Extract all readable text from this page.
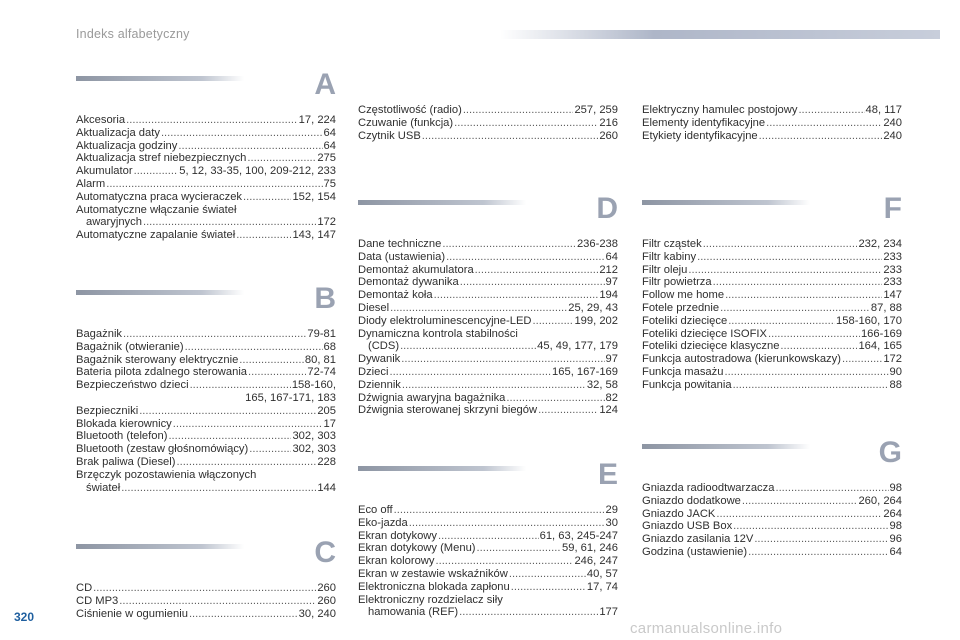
Indeks alfabetyczny
A
Akcesoria .....	17, 224
Aktualizacja daty .....	64
Aktualizacja godziny .....	64
Aktualizacja stref niebezpiecznych .....	275
Akumulator .....	5, 12, 33-35, 100, 209-212, 233
Alarm .....	75
Automatyczna praca wycieraczek .....	152, 154
Automatyczne włączanie świateł
awaryjnych .....	172
Automatyczne zapalanie świateł .....	143, 147
B
Bagażnik .....	79-81
Bagażnik (otwieranie) .....	68
Bagażnik sterowany elektrycznie .....	80, 81
Bateria pilota zdalnego sterowania .....	72-74
Bezpieczeństwo dzieci .....	158-160,
165, 167-171, 183
Bezpieczniki .....	205
Blokada kierownicy .....	17
Bluetooth (telefon) .....	302, 303
Bluetooth (zestaw głośnomówiący) .....	302, 303
Brak paliwa (Diesel) .....	228
Brzęczyk pozostawienia włączonych
świateł .....	144
C
CD .....	260
CD MP3 .....	260
Ciśnienie w ogumieniu .....	30, 240
Częstotliwość (radio) .....	257, 259
Czuwanie (funkcja) .....	216
Czytnik USB .....	260
D
Dane techniczne .....	236-238
Data (ustawienia) .....	64
Demontaż akumulatora .....	212
Demontaż dywanika .....	97
Demontaż koła .....	194
Diesel .....	25, 29, 43
Diody elektroluminescencyjne-LED .....	199, 202
Dynamiczna kontrola stabilności
(CDS) .....	45, 49, 177, 179
Dywanik .....	97
Dzieci .....	165, 167-169
Dziennik .....	32, 58
Dźwignia awaryjna bagażnika .....	82
Dźwignia sterowanej skrzyni biegów .....	124
E
Eco off .....	29
Eko-jazda .....	30
Ekran dotykowy .....	61, 63, 245-247
Ekran dotykowy (Menu) .....	59, 61, 246
Ekran kolorowy .....	246, 247
Ekran w zestawie wskaźników .....	40, 57
Elektroniczna blokada zapłonu .....	17, 74
Elektroniczny rozdzielacz siły
hamowania (REF) .....	177
Elektryczny hamulec postojowy .....	48, 117
Elementy identyfikacyjne .....	240
Etykiety identyfikacyjne .....	240
F
Filtr cząstek .....	232, 234
Filtr kabiny .....	233
Filtr oleju .....	233
Filtr powietrza .....	233
Follow me home .....	147
Fotele przednie .....	87, 88
Foteliki dziecięce .....	158-160, 170
Foteliki dziecięce ISOFIX .....	166-169
Foteliki dziecięce klasyczne .....	164, 165
Funkcja autostradowa (kierunkowskazy) .....	172
Funkcja masażu .....	90
Funkcja powitania .....	88
G
Gniazda radioodtwarzacza .....	98
Gniazdo dodatkowe .....	260, 264
Gniazdo JACK .....	264
Gniazdo USB Box .....	98
Gniazdo zasilania 12V .....	96
Godzina (ustawienie) .....	64
320
carmanualsonline.info
